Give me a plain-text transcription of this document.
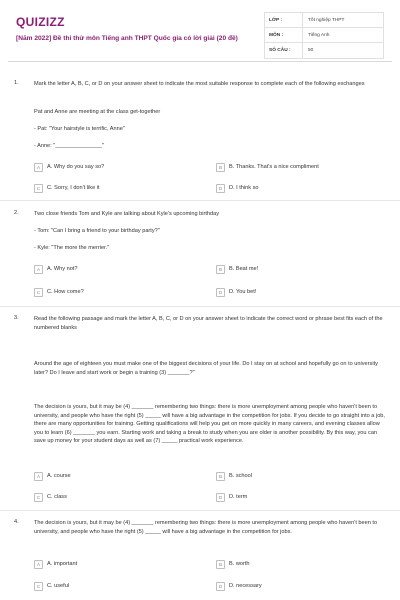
QUIZIZZ
[Năm 2022] Đề thi thử môn Tiếng anh THPT Quốc gia có lời giải (20 đề)
LỚP :	Tốt nghiệp THPT
MÔN :	Tiếng Anh
SỐ CÂU :	50
1.	Mark the letter A, B, C, or D on your answer sheet to indicate the most suitable response to complete each of the following exchanges
Pat and Anne are meeting at the class get-together
- Pat: "Your hairstyle is terrific, Anne"
- Anne: "_______________"
A	A. Why do you say so?	B	B. Thanks. That's a nice compliment
C	C. Sorry, I don't like it	D	D. I think so
2.	Two close friends Tom and Kyle are talking about Kyle's upcoming birthday
- Tom: "Can I bring a friend to your birthday party?"
- Kyle: "The more the merrier."
A	A. Why not?	B	B. Beat me!
C	C. How come?	D	D. You bet!
3.	Read the following passage and mark the letter A, B, C, or D on your answer sheet to indicate the correct word or phrase best fits each of the numbered blanks
Around the age of eighteen you must make one of the biggest decisions of your life. Do I stay on at school and hopefully go on to university later? Do I leave and start work or begin a training (3) _______?"
The decision is yours, but it may be (4) _______ remembering two things: there is more unemployment among people who haven't been to university, and people who have the right (5) _____ will have a big advantage in the competition for jobs. If you decide to go straight into a job, there are many opportunities for training. Getting qualifications will help you get on more quickly in many careers, and evening classes allow you to learn (6) _______ you earn. Starting work and taking a break to study when you are older is another possibility. By this way, you can save up money for your student days as well as (7) _____ practical work experience.
A	A. course	B	B. school
C	C. class	D	D. term
4.	The decision is yours, but it may be (4) _______ remembering two things: there is more unemployment among people who haven't been to university, and people who have the right (5) _____ will have a big advantage in the competition for jobs.
A	A. important	B	B. worth
C	C. useful	D	D. necessary
